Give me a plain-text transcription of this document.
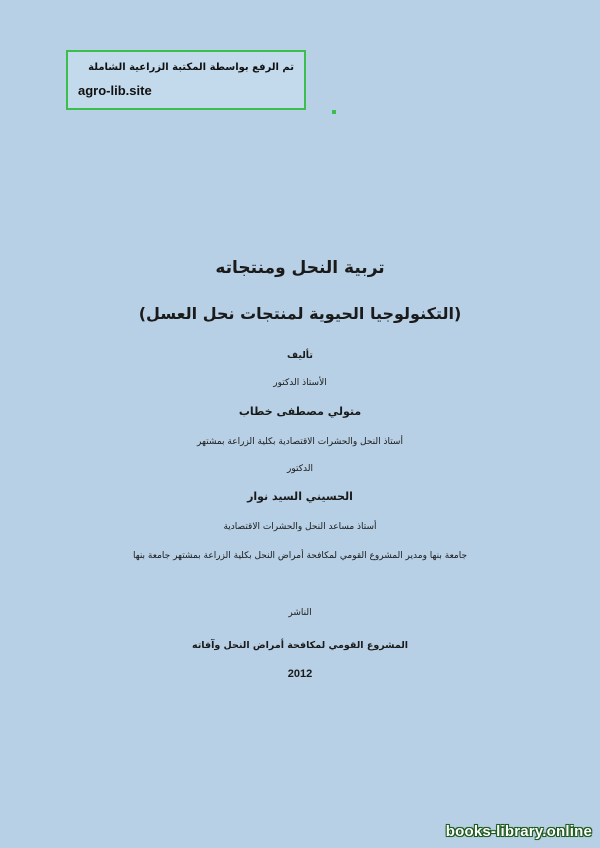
تم الرفع بواسطة المكتبة الزراعية الشاملة
agro-lib.site
تربية النحل ومنتجاته
(التكنولوجيا الحيوية لمنتجات نحل العسل)
تأليف
الأستاذ الدكتور
متولي مصطفى خطاب
أستاذ النحل والحشرات الاقتصادية بكلية الزراعة بمشتهر
الدكتور
الحسيني السيد نوار
أستاذ مساعد النحل والحشرات الاقتصادية
جامعة بنها ومدير المشروع القومي لمكافحة أمراض النحل بكلية الزراعة بمشتهر جامعة بنها
الناشر
المشروع القومي لمكافحة أمراض النحل وآفاته
2012
books-library.online
